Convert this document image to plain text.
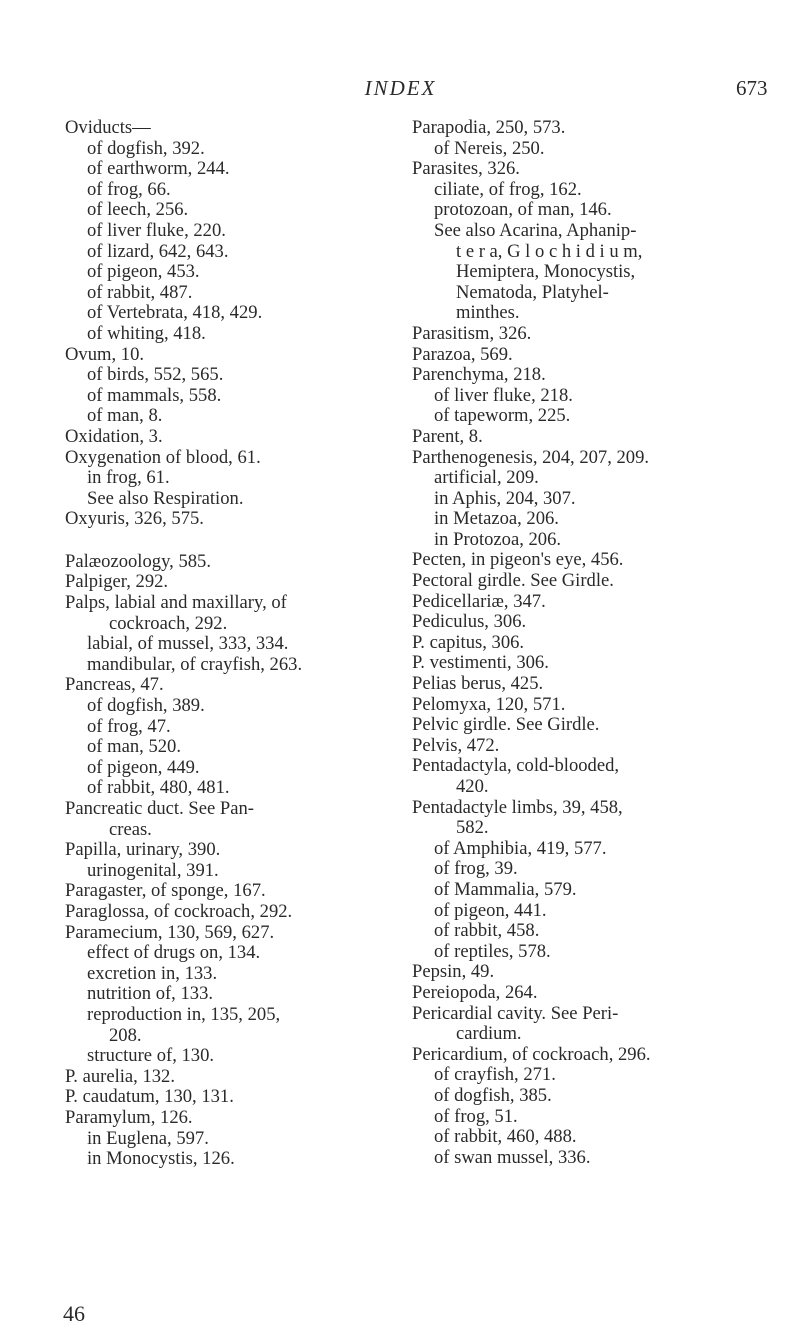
INDEX	673
Oviducts—
of dogfish, 392.
of earthworm, 244.
of frog, 66.
of leech, 256.
of liver fluke, 220.
of lizard, 642, 643.
of pigeon, 453.
of rabbit, 487.
of Vertebrata, 418, 429.
of whiting, 418.
Ovum, 10.
of birds, 552, 565.
of mammals, 558.
of man, 8.
Oxidation, 3.
Oxygenation of blood, 61.
in frog, 61.
See also Respiration.
Oxyuris, 326, 575.
Palæozoology, 585.
Palpiger, 292.
Palps, labial and maxillary, of
cockroach, 292.
labial, of mussel, 333, 334.
mandibular, of crayfish, 263.
Pancreas, 47.
of dogfish, 389.
of frog, 47.
of man, 520.
of pigeon, 449.
of rabbit, 480, 481.
Pancreatic duct. See Pan-
creas.
Papilla, urinary, 390.
urinogenital, 391.
Paragaster, of sponge, 167.
Paraglossa, of cockroach, 292.
Paramecium, 130, 569, 627.
effect of drugs on, 134.
excretion in, 133.
nutrition of, 133.
reproduction in, 135, 205,
208.
structure of, 130.
P. aurelia, 132.
P. caudatum, 130, 131.
Paramylum, 126.
in Euglena, 597.
in Monocystis, 126.
Parapodia, 250, 573.
of Nereis, 250.
Parasites, 326.
ciliate, of frog, 162.
protozoan, of man, 146.
See also Acarina, Aphanip-
t e r a, G l o c h i d i u m,
Hemiptera, Monocystis,
Nematoda, Platyhel-
minthes.
Parasitism, 326.
Parazoa, 569.
Parenchyma, 218.
of liver fluke, 218.
of tapeworm, 225.
Parent, 8.
Parthenogenesis, 204, 207, 209.
artificial, 209.
in Aphis, 204, 307.
in Metazoa, 206.
in Protozoa, 206.
Pecten, in pigeon's eye, 456.
Pectoral girdle. See Girdle.
Pedicellariæ, 347.
Pediculus, 306.
P. capitus, 306.
P. vestimenti, 306.
Pelias berus, 425.
Pelomyxa, 120, 571.
Pelvic girdle. See Girdle.
Pelvis, 472.
Pentadactyla, cold-blooded,
420.
Pentadactyle limbs, 39, 458,
582.
of Amphibia, 419, 577.
of frog, 39.
of Mammalia, 579.
of pigeon, 441.
of rabbit, 458.
of reptiles, 578.
Pepsin, 49.
Pereiopoda, 264.
Pericardial cavity. See Peri-
cardium.
Pericardium, of cockroach, 296.
of crayfish, 271.
of dogfish, 385.
of frog, 51.
of rabbit, 460, 488.
of swan mussel, 336.
46
